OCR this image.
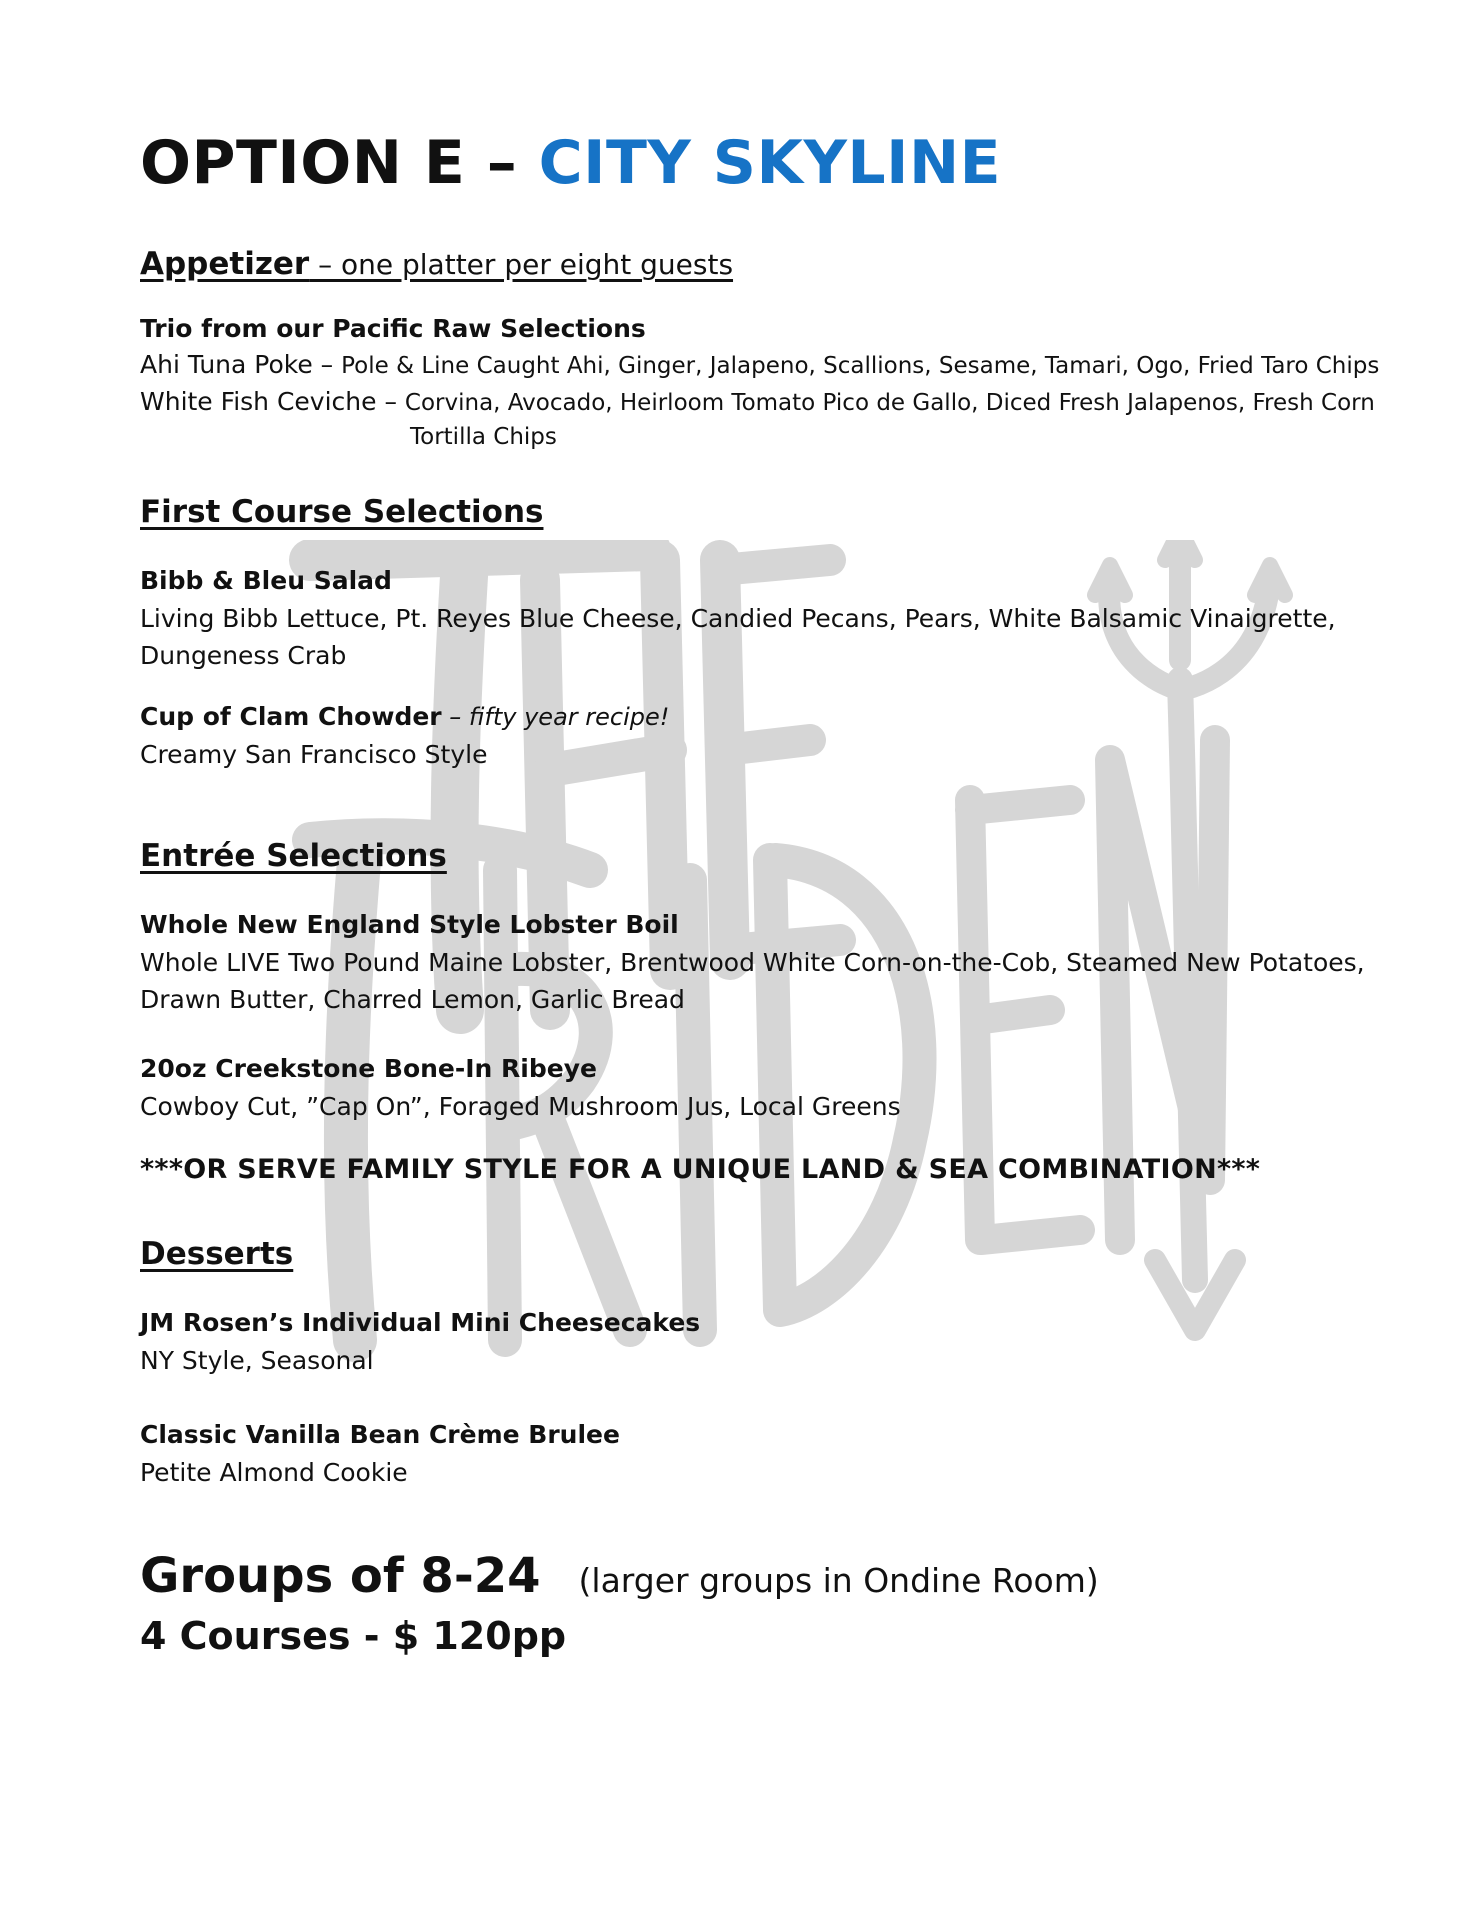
OPTION E – CITY SKYLINE
Appetizer – one platter per eight guests
Trio from our Pacific Raw Selections
Ahi Tuna Poke – Pole & Line Caught Ahi, Ginger, Jalapeno, Scallions, Sesame, Tamari, Ogo, Fried Taro Chips
White Fish Ceviche – Corvina, Avocado, Heirloom Tomato Pico de Gallo, Diced Fresh Jalapenos, Fresh Corn
Tortilla Chips
First Course Selections
Bibb & Bleu Salad
Living Bibb Lettuce, Pt. Reyes Blue Cheese, Candied Pecans, Pears, White Balsamic Vinaigrette, Dungeness Crab
Cup of Clam Chowder – fifty year recipe!
Creamy San Francisco Style
Entrée Selections
Whole New England Style Lobster Boil
Whole LIVE Two Pound Maine Lobster, Brentwood White Corn-on-the-Cob, Steamed New Potatoes, Drawn Butter, Charred Lemon, Garlic Bread
20oz Creekstone Bone-In Ribeye
Cowboy Cut, ”Cap On”, Foraged Mushroom Jus, Local Greens
***OR SERVE FAMILY STYLE FOR A UNIQUE LAND & SEA COMBINATION***
Desserts
JM Rosen’s Individual Mini Cheesecakes
NY Style, Seasonal
Classic Vanilla Bean Crème Brulee
Petite Almond Cookie
Groups of 8-24 (larger groups in Ondine Room)
4 Courses - $ 120pp
